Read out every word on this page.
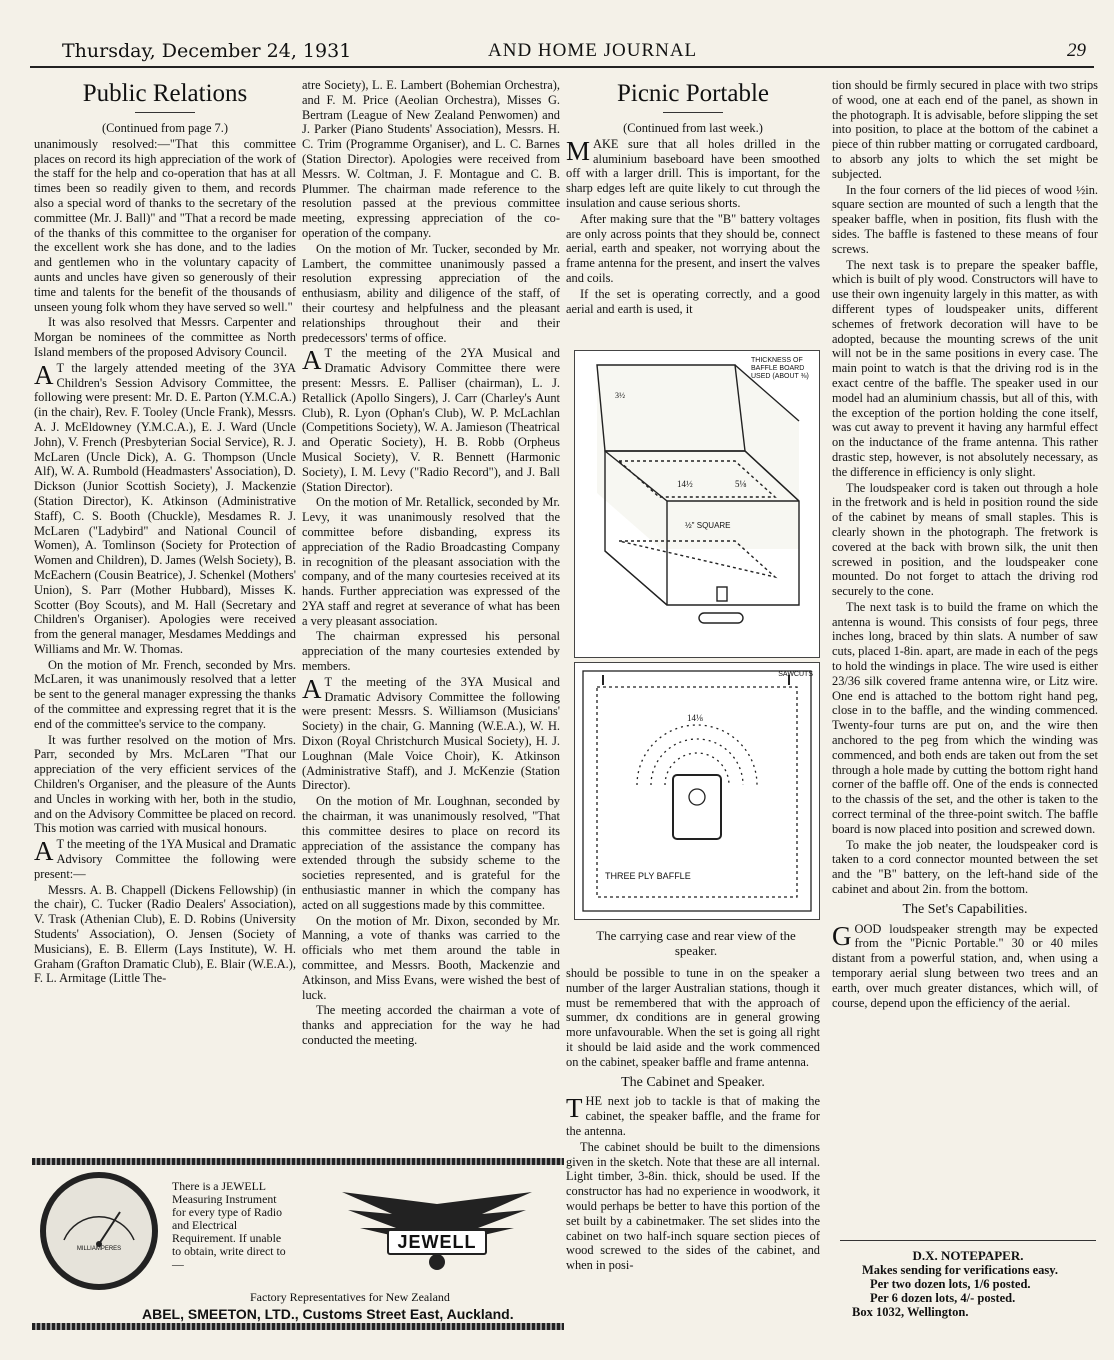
Thursday, December 24, 1931	AND HOME JOURNAL	29
Public Relations

(Continued from page 7.)

unanimously resolved:—"That this committee places on record its high appreciation of the work of the staff for the help and co-operation that has at all times been so readily given to them, and records also a special word of thanks to the secretary of the committee (Mr. J. Ball)" and "That a record be made of the thanks of this committee to the organiser for the excellent work she has done, and to the ladies and gentlemen who in the voluntary capacity of aunts and uncles have given so generously of their time and talents for the benefit of the thousands of unseen young folk whom they have served so well."

It was also resolved that Messrs. Carpenter and Morgan be nominees of the committee as North Island members of the proposed Advisory Council.

A T the largely attended meeting of the 3YA Children's Session Advisory Committee, the following were present: Mr. D. E. Parton (Y.M.C.A.) (in the chair), Rev. F. Tooley (Uncle Frank), Messrs. A. J. McEldowney (Y.M.C.A.), E. J. Ward (Uncle John), V. French (Presbyterian Social Service), R. J. McLaren (Uncle Dick), A. G. Thompson (Uncle Alf), W. A. Rumbold (Headmasters' Association), D. Dickson (Junior Scottish Society), J. Mackenzie (Station Director), K. Atkinson (Administrative Staff), C. S. Booth (Chuckle), Mesdames R. J. McLaren ("Ladybird" and National Council of Women), A. Tomlinson (Society for Protection of Women and Children), D. James (Welsh Society), B. McEachern (Cousin Beatrice), J. Schenkel (Mothers' Union), S. Parr (Mother Hubbard), Misses K. Scotter (Boy Scouts), and M. Hall (Secretary and Children's Organiser). Apologies were received from the general manager, Mesdames Meddings and Williams and Mr. W. Thomas.

On the motion of Mr. French, seconded by Mrs. McLaren, it was unanimously resolved that a letter be sent to the general manager expressing the thanks of the committee and expressing regret that it is the end of the committee's service to the company.

It was further resolved on the motion of Mrs. Parr, seconded by Mrs. McLaren "That our appreciation of the very efficient services of the Children's Organiser, and the pleasure of the Aunts and Uncles in working with her, both in the studio, and on the Advisory Committee be placed on record. This motion was carried with musical honours.

A T the meeting of the 1YA Musical and Dramatic Advisory Committee the following were present:—

Messrs. A. B. Chappell (Dickens Fellowship) (in the chair), C. Tucker (Radio Dealers' Association), V. Trask (Athenian Club), E. D. Robins (University Students' Association), O. Jensen (Society of Musicians), E. B. Ellerm (Lays Institute), W. H. Graham (Grafton Dramatic Club), E. Blair (W.E.A.), F. L. Armitage (Little The-

atre Society), L. E. Lambert (Bohemian Orchestra), and F. M. Price (Aeolian Orchestra), Misses G. Bertram (League of New Zealand Penwomen) and J. Parker (Piano Students' Association), Messrs. H. C. Trim (Programme Organiser), and L. C. Barnes (Station Director). Apologies were received from Messrs. W. Coltman, J. F. Montague and C. B. Plummer. The chairman made reference to the resolution passed at the previous committee meeting, expressing appreciation of the co-operation of the company.

On the motion of Mr. Tucker, seconded by Mr. Lambert, the committee unanimously passed a resolution expressing appreciation of the enthusiasm, ability and diligence of the staff, of their courtesy and helpfulness and the pleasant relationships throughout their and their predecessors' terms of office.

A T the meeting of the 2YA Musical and Dramatic Advisory Committee there were present: Messrs. E. Palliser (chairman), L. J. Retallick (Apollo Singers), J. Carr (Charley's Aunt Club), R. Lyon (Ophan's Club), W. P. McLachlan (Competitions Society), W. A. Jamieson (Theatrical and Operatic Society), H. B. Robb (Orpheus Musical Society), V. R. Bennett (Harmonic Society), I. M. Levy ("Radio Record"), and J. Ball (Station Director).

On the motion of Mr. Retallick, seconded by Mr. Levy, it was unanimously resolved that the committee before disbanding, express its appreciation of the Radio Broadcasting Company in recognition of the pleasant association with the company, and of the many courtesies received at its hands. Further appreciation was expressed of the 2YA staff and regret at severance of what has been a very pleasant association.

The chairman expressed his personal appreciation of the many courtesies extended by members.

A T the meeting of the 3YA Musical and Dramatic Advisory Committee the following were present: Messrs. S. Williamson (Musicians' Society) in the chair, G. Manning (W.E.A.), W. H. Dixon (Royal Christchurch Musical Society), H. J. Loughnan (Male Voice Choir), K. Atkinson (Administrative Staff), and J. McKenzie (Station Director).

On the motion of Mr. Loughnan, seconded by the chairman, it was unanimously resolved, "That this committee desires to place on record its appreciation of the assistance the company has extended through the subsidy scheme to the societies represented, and is grateful for the enthusiastic manner in which the company has acted on all suggestions made by this committee.

On the motion of Mr. Dixon, seconded by Mr. Manning, a vote of thanks was carried to the officials who met them around the table in committee, and Messrs. Booth, Mackenzie and Atkinson, and Miss Evans, were wished the best of luck.

The meeting accorded the chairman a vote of thanks and appreciation for the way he had conducted the meeting.

Picnic Portable

(Continued from last week.)

MAKE sure that all holes drilled in the aluminium baseboard have been smoothed off with a larger drill. This is important, for the sharp edges left are quite likely to cut through the insulation and cause serious shorts.

After making sure that the "B" battery voltages are only across points that they should be, connect aerial, earth and speaker, not worrying about the frame antenna for the present, and insert the valves and coils.

If the set is operating correctly, and a good aerial and earth is used, it

THICKNESS OF BAFFLE BOARD USED (ABOUT ⅜)
14½	5⅛
½" SQUARE
3½
SAWCUTS
14⅛
THREE PLY BAFFLE
The carrying case and rear view of the speaker.

should be possible to tune in on the speaker a number of the larger Australian stations, though it must be remembered that with the approach of summer, dx conditions are in general growing more unfavourable. When the set is going all right it should be laid aside and the work commenced on the cabinet, speaker baffle and frame antenna.

The Cabinet and Speaker.

THE next job to tackle is that of making the cabinet, the speaker baffle, and the frame for the antenna.

The cabinet should be built to the dimensions given in the sketch. Note that these are all internal. Light timber, 3-8in. thick, should be used. If the constructor has had no experience in woodwork, it would perhaps be better to have this portion of the set built by a cabinetmaker. The set slides into the cabinet on two half-inch square section pieces of wood screwed to the sides of the cabinet, and when in posi-

tion should be firmly secured in place with two strips of wood, one at each end of the panel, as shown in the photograph. It is advisable, before slipping the set into position, to place at the bottom of the cabinet a piece of thin rubber matting or corrugated cardboard, to absorb any jolts to which the set might be subjected.

In the four corners of the lid pieces of wood ½in. square section are mounted of such a length that the speaker baffle, when in position, fits flush with the sides. The baffle is fastened to these means of four screws.

The next task is to prepare the speaker baffle, which is built of ply wood. Constructors will have to use their own ingenuity largely in this matter, as with different types of loudspeaker units, different schemes of fretwork decoration will have to be adopted, because the mounting screws of the unit will not be in the same positions in every case. The main point to watch is that the driving rod is in the exact centre of the baffle. The speaker used in our model had an aluminium chassis, but all of this, with the exception of the portion holding the cone itself, was cut away to prevent it having any harmful effect on the inductance of the frame antenna. This rather drastic step, however, is not absolutely necessary, as the difference in efficiency is only slight.

The loudspeaker cord is taken out through a hole in the fretwork and is held in position round the side of the cabinet by means of small staples. This is clearly shown in the photograph. The fretwork is covered at the back with brown silk, the unit then screwed in position, and the loudspeaker cone mounted. Do not forget to attach the driving rod securely to the cone.

The next task is to build the frame on which the antenna is wound. This consists of four pegs, three inches long, braced by thin slats. A number of saw cuts, placed 1-8in. apart, are made in each of the pegs to hold the windings in place. The wire used is either 23/36 silk covered frame antenna wire, or Litz wire. One end is attached to the bottom right hand peg, close in to the baffle, and the winding commenced. Twenty-four turns are put on, and the wire then anchored to the peg from which the winding was commenced, and both ends are taken out from the set through a hole made by cutting the bottom right hand corner of the baffle off. One of the ends is connected to the chassis of the set, and the other is taken to the correct terminal of the three-point switch. The baffle board is now placed into position and screwed down.

To make the job neater, the loudspeaker cord is taken to a cord connector mounted between the set and the "B" battery, on the left-hand side of the cabinet and about 2in. from the bottom.

The Set's Capabilities.

GOOD loudspeaker strength may be expected from the "Picnic Portable." 30 or 40 miles distant from a powerful station, and, when using a temporary aerial slung between two trees and an earth, over much greater distances, which will, of course, depend upon the efficiency of the aerial.

MILLIAMPERES
There is a JEWELL Measuring Instrument for every type of Radio and Electrical Requirement. If unable to obtain, write direct to—
JEWELL
Factory Representatives for New Zealand
ABEL, SMEETON, LTD., Customs Street East, Auckland.
D.X. NOTEPAPER.
Makes sending for verifications easy.
Per two dozen lots, 1/6 posted.
Per 6 dozen lots, 4/- posted.
Box 1032, Wellington.
